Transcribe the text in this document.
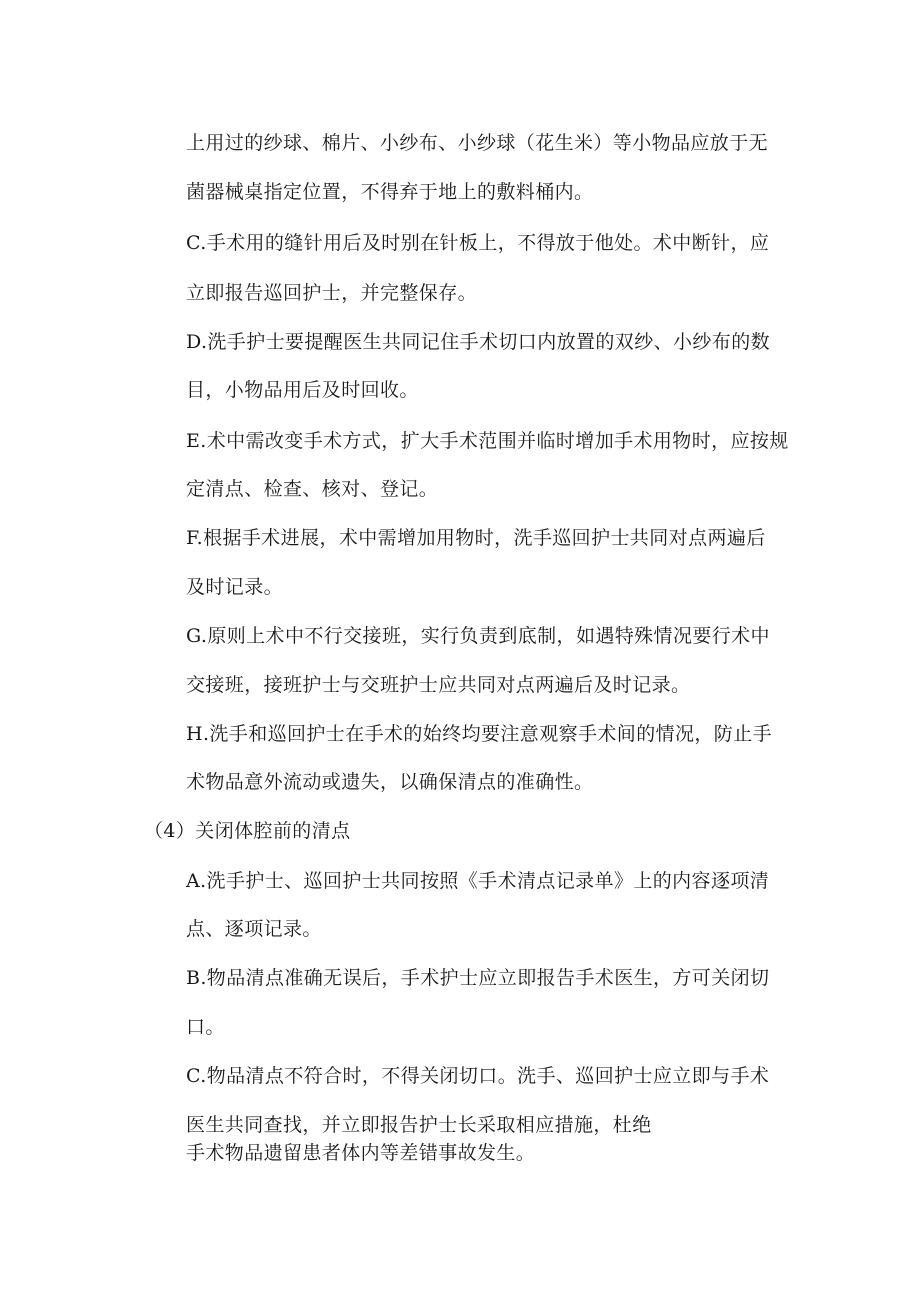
上用过的纱球、棉片、小纱布、小纱球（花生米）等小物品应放于无
菌器械桌指定位置，不得弃于地上的敷料桶内。
C.手术用的缝针用后及时别在针板上，不得放于他处。术中断针，应
立即报告巡回护士，并完整保存。
D.洗手护士要提醒医生共同记住手术切口内放置的双纱、小纱布的数
目，小物品用后及时回收。
E.术中需改变手术方式，扩大手术范围并临时增加手术用物时，应按规
定清点、检查、核对、登记。
F.根据手术进展，术中需增加用物时，洗手巡回护士共同对点两遍后
及时记录。
G.原则上术中不行交接班，实行负责到底制，如遇特殊情况要行术中
交接班，接班护士与交班护士应共同对点两遍后及时记录。
H.洗手和巡回护士在手术的始终均要注意观察手术间的情况，防止手
术物品意外流动或遗失，以确保清点的准确性。
（4）关闭体腔前的清点
A.洗手护士、巡回护士共同按照《手术清点记录单》上的内容逐项清
点、逐项记录。
B.物品清点准确无误后，手术护士应立即报告手术医生，方可关闭切
口。
C.物品清点不符合时，不得关闭切口。洗手、巡回护士应立即与手术
医生共同查找，并立即报告护士长采取相应措施，杜绝
手术物品遗留患者体内等差错事故发生。
